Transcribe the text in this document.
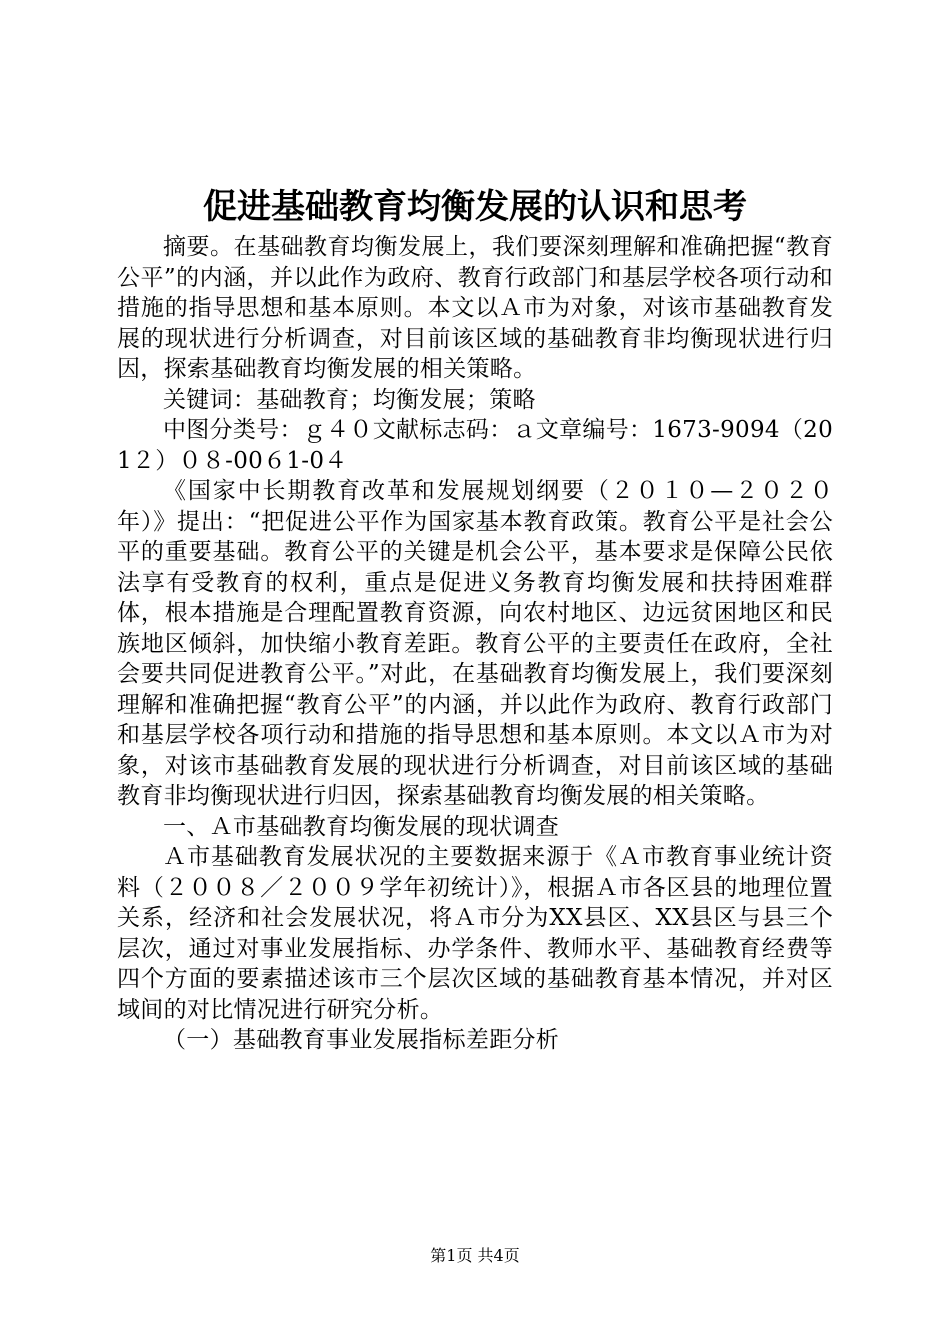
促进基础教育均衡发展的认识和思考

摘要。在基础教育均衡发展上，我们要深刻理解和准确把握“教育公平”的内涵，并以此作为政府、教育行政部门和基层学校各项行动和措施的指导思想和基本原则。本文以Ａ市为对象，对该市基础教育发展的现状进行分析调查，对目前该区域的基础教育非均衡现状进行归因，探索基础教育均衡发展的相关策略。

关键词：基础教育；均衡发展；策略

中图分类号：ｇ４０文献标志码：ａ文章编号：1673-9094（201２）０８-00６1-0４

《国家中长期教育改革和发展规划纲要（２０１０—２０２０年）》提出：“把促进公平作为国家基本教育政策。教育公平是社会公平的重要基础。教育公平的关键是机会公平，基本要求是保障公民依法享有受教育的权利，重点是促进义务教育均衡发展和扶持困难群体，根本措施是合理配置教育资源，向农村地区、边远贫困地区和民族地区倾斜，加快缩小教育差距。教育公平的主要责任在政府，全社会要共同促进教育公平。”对此，在基础教育均衡发展上，我们要深刻理解和准确把握“教育公平”的内涵，并以此作为政府、教育行政部门和基层学校各项行动和措施的指导思想和基本原则。本文以Ａ市为对象，对该市基础教育发展的现状进行分析调查，对目前该区域的基础教育非均衡现状进行归因，探索基础教育均衡发展的相关策略。

一、Ａ市基础教育均衡发展的现状调查

Ａ市基础教育发展状况的主要数据来源于《Ａ市教育事业统计资料（２００８／２００９学年初统计）》，根据Ａ市各区县的地理位置关系，经济和社会发展状况，将Ａ市分为XX县区、XX县区与县三个层次，通过对事业发展指标、办学条件、教师水平、基础教育经费等四个方面的要素描述该市三个层次区域的基础教育基本情况，并对区域间的对比情况进行研究分析。

（一）基础教育事业发展指标差距分析

第1页 共4页
